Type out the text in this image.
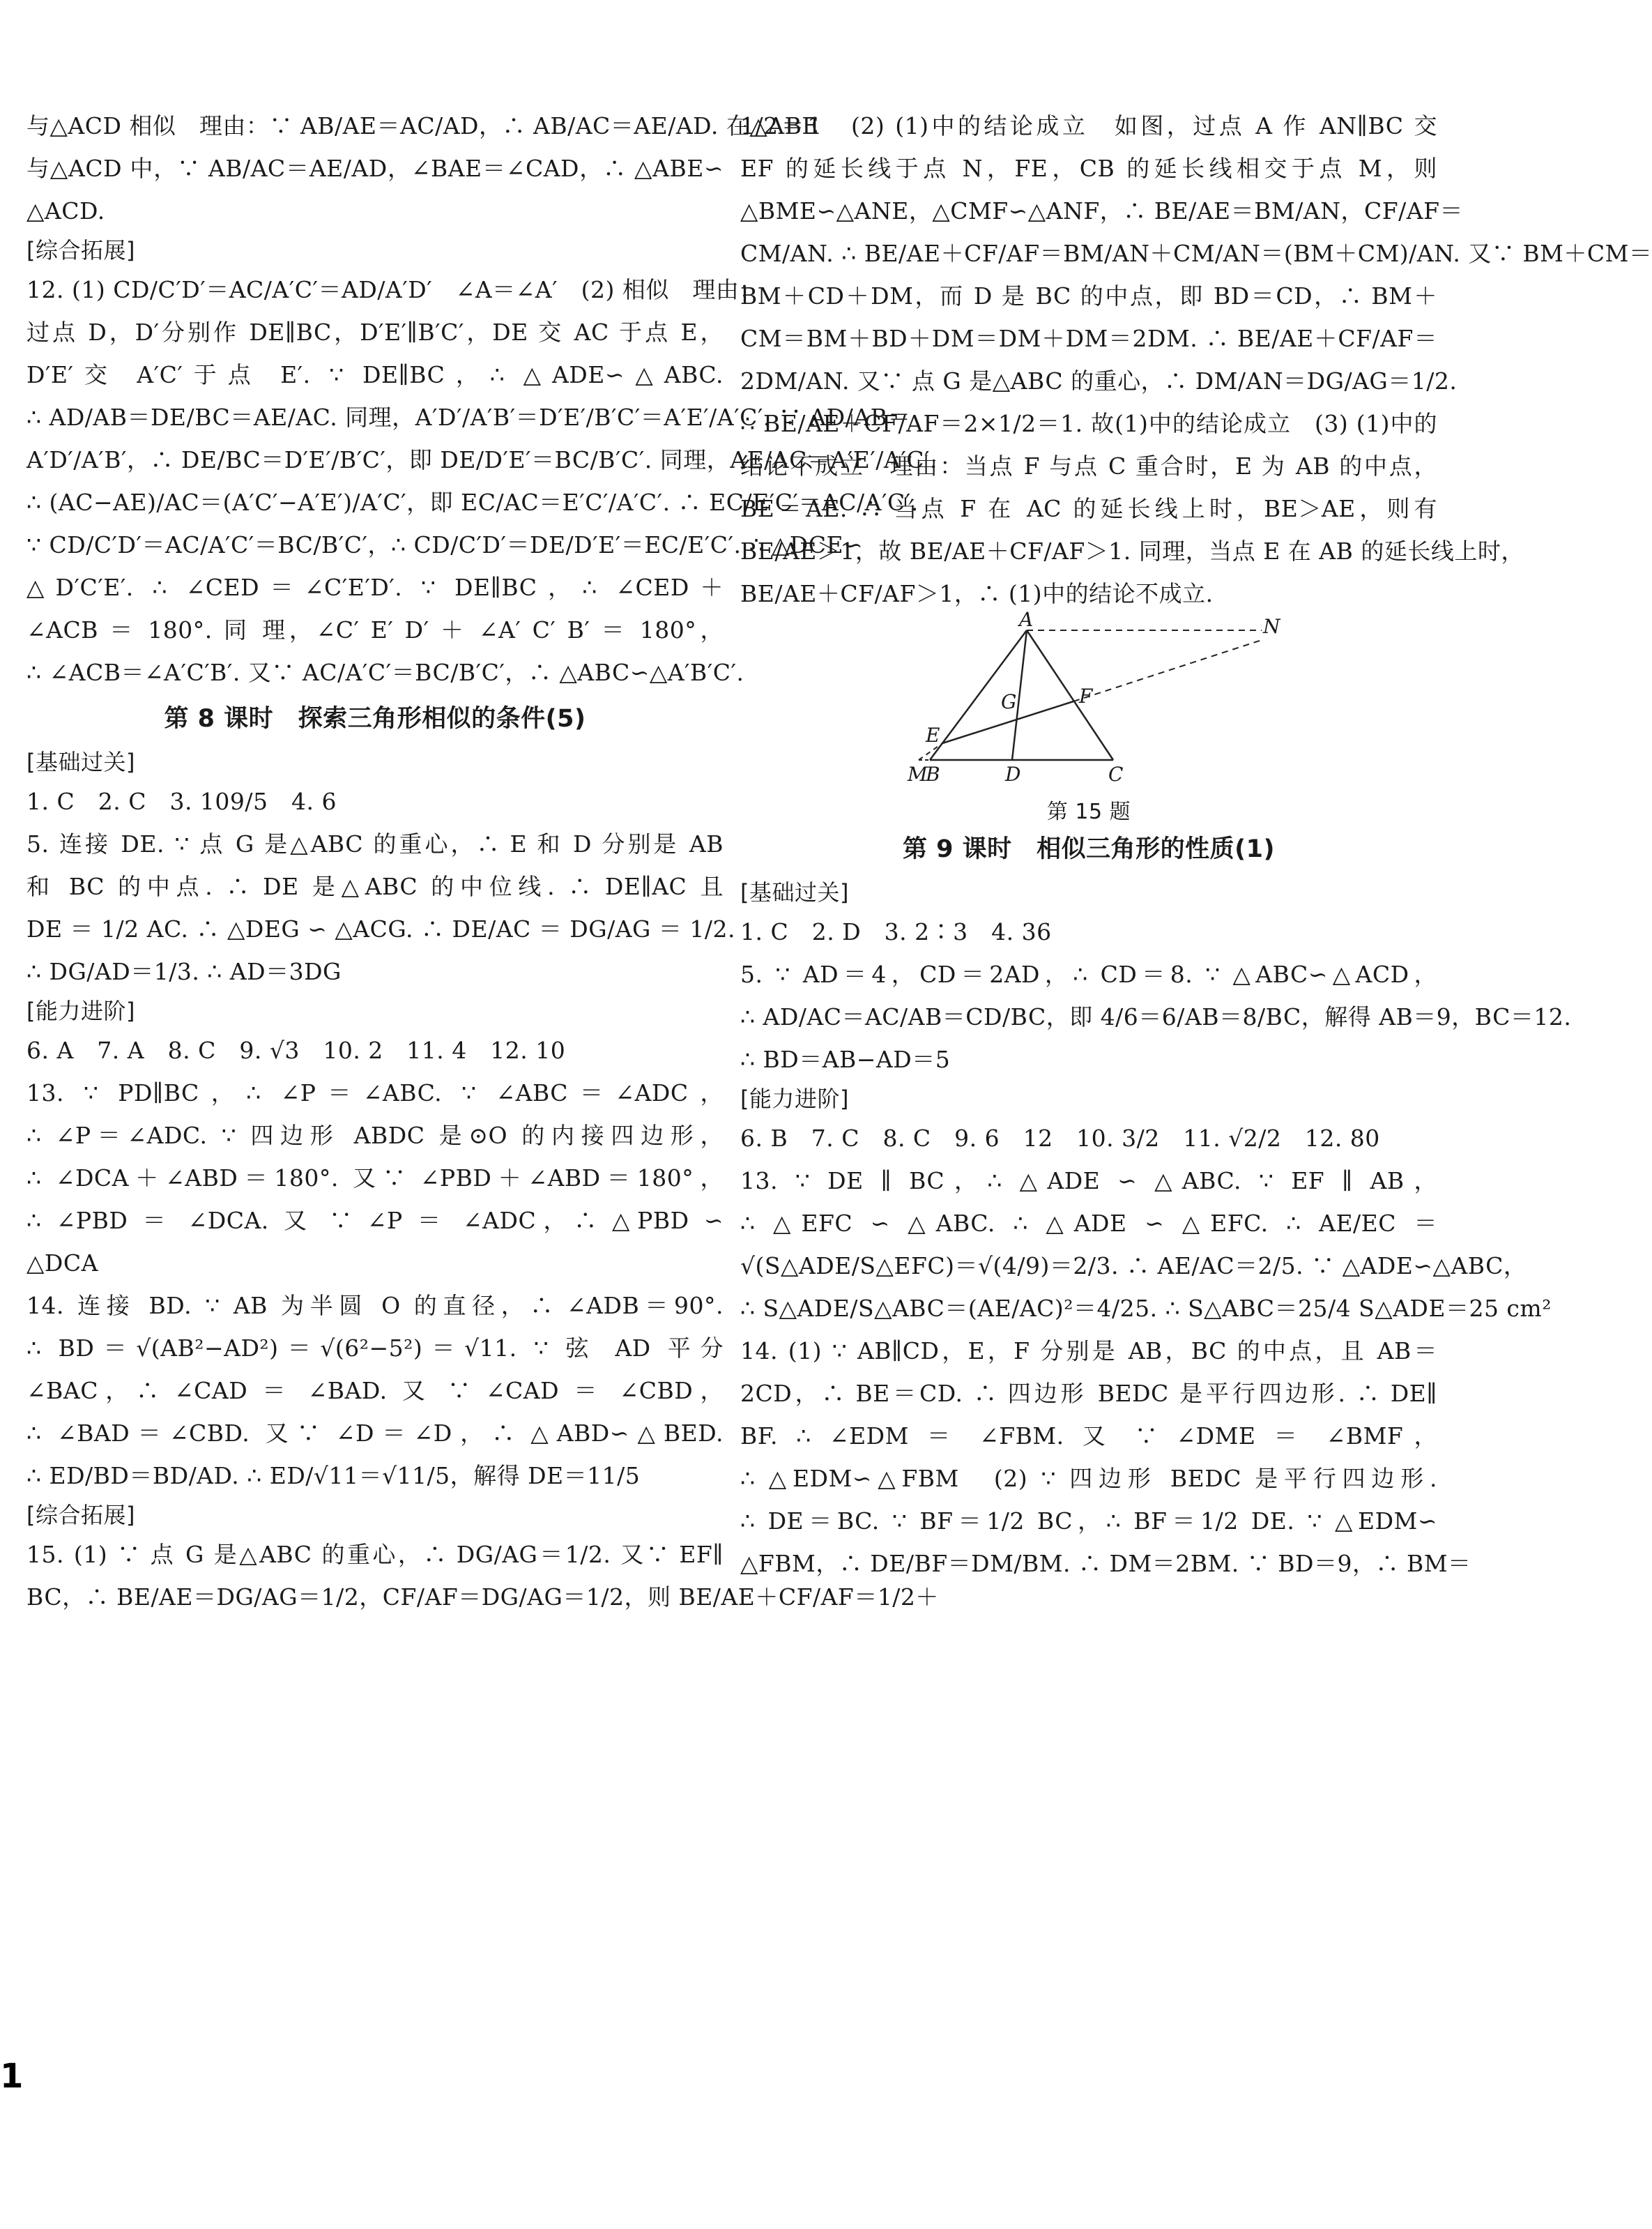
与△ACD 相似　理由：∵ AB/AE＝AC/AD，∴ AB/AC＝AE/AD. 在△ABE
与△ACD 中，∵ AB/AC＝AE/AD，∠BAE＝∠CAD，∴ △ABE∽
△ACD.
[综合拓展]
12. (1) CD/C′D′＝AC/A′C′＝AD/A′D′　∠A＝∠A′　(2) 相似　理由：
过点 D，D′分别作 DE∥BC，D′E′∥B′C′，DE 交 AC 于点 E，
D′E′交 A′C′于点 E′. ∵ DE∥BC，∴ △ADE∽△ABC.
∴ AD/AB＝DE/BC＝AE/AC. 同理，A′D′/A′B′＝D′E′/B′C′＝A′E′/A′C′. ∵ AD/AB＝
A′D′/A′B′，∴ DE/BC＝D′E′/B′C′，即 DE/D′E′＝BC/B′C′. 同理，AE/AC＝A′E′/A′C′.
∴ (AC−AE)/AC＝(A′C′−A′E′)/A′C′，即 EC/AC＝E′C′/A′C′. ∴ EC/E′C′＝AC/A′C′.
∵ CD/C′D′＝AC/A′C′＝BC/B′C′，∴ CD/C′D′＝DE/D′E′＝EC/E′C′. ∴ △DCE∽
△D′C′E′. ∴ ∠CED＝∠C′E′D′. ∵ DE∥BC，∴ ∠CED＋
∠ACB ＝ 180°. 同 理，∠C′ E′ D′ ＋ ∠A′ C′ B′ ＝ 180°，
∴ ∠ACB＝∠A′C′B′. 又∵ AC/A′C′＝BC/B′C′，∴ △ABC∽△A′B′C′.
第 8 课时　探索三角形相似的条件(5)
[基础过关]
1. C　2. C　3. 109/5　4. 6
5. 连接 DE. ∵ 点 G 是△ABC 的重心，∴ E 和 D 分别是 AB
和 BC 的中点. ∴ DE 是△ABC 的中位线. ∴ DE∥AC 且
DE ＝ 1/2 AC. ∴ △DEG ∽ △ACG. ∴ DE/AC ＝ DG/AG ＝ 1/2.
∴ DG/AD＝1/3. ∴ AD＝3DG
[能力进阶]
6. A　7. A　8. C　9. √3　10. 2　11. 4　12. 10
13. ∵ PD∥BC，∴ ∠P＝∠ABC. ∵ ∠ABC＝∠ADC，
∴ ∠P＝∠ADC. ∵ 四边形 ABDC 是⊙O 的内接四边形，
∴ ∠DCA＋∠ABD＝180°. 又∵ ∠PBD＋∠ABD＝180°，
∴ ∠PBD ＝ ∠DCA. 又 ∵ ∠P ＝ ∠ADC，∴ △PBD ∽
△DCA
14. 连接 BD. ∵ AB 为半圆 O 的直径，∴ ∠ADB＝90°.
∴ BD＝√(AB²−AD²)＝√(6²−5²)＝√11. ∵ 弦 AD 平分
∠BAC，∴ ∠CAD ＝ ∠BAD. 又 ∵ ∠CAD ＝ ∠CBD，
∴ ∠BAD＝∠CBD. 又∵ ∠D＝∠D，∴ △ABD∽△BED.
∴ ED/BD＝BD/AD. ∴ ED/√11＝√11/5，解得 DE＝11/5
[综合拓展]
15. (1) ∵ 点 G 是△ABC 的重心，∴ DG/AG＝1/2. 又∵ EF∥
BC，∴ BE/AE＝DG/AG＝1/2，CF/AF＝DG/AG＝1/2，则 BE/AE＋CF/AF＝1/2＋
1/2＝1　(2) (1)中的结论成立　如图，过点 A 作 AN∥BC 交
EF 的延长线于点 N，FE，CB 的延长线相交于点 M，则
△BME∽△ANE，△CMF∽△ANF，∴ BE/AE＝BM/AN，CF/AF＝
CM/AN. ∴ BE/AE＋CF/AF＝BM/AN＋CM/AN＝(BM＋CM)/AN. 又∵ BM＋CM＝
BM＋CD＋DM，而 D 是 BC 的中点，即 BD＝CD，∴ BM＋
CM＝BM＋BD＋DM＝DM＋DM＝2DM. ∴ BE/AE＋CF/AF＝
2DM/AN. 又∵ 点 G 是△ABC 的重心，∴ DM/AN＝DG/AG＝1/2.
∴ BE/AE＋CF/AF＝2×1/2＝1. 故(1)中的结论成立　(3) (1)中的
结论不成立　理由：当点 F 与点 C 重合时，E 为 AB 的中点，
BE＝AE. ∴ 当点 F 在 AC 的延长线上时，BE＞AE，则有
BE/AE＞1，故 BE/AE＋CF/AF＞1. 同理，当点 E 在 AB 的延长线上时，
BE/AE＋CF/AF＞1，∴ (1)中的结论不成立.
A	N
G	F
E
M
B	D	C
第 15 题
第 9 课时　相似三角形的性质(1)
[基础过关]
1. C　2. D　3. 2∶3　4. 36
5. ∵ AD＝4，CD＝2AD，∴ CD＝8. ∵ △ABC∽△ACD，
∴ AD/AC＝AC/AB＝CD/BC，即 4/6＝6/AB＝8/BC，解得 AB＝9，BC＝12.
∴ BD＝AB−AD＝5
[能力进阶]
6. B　7. C　8. C　9. 6　12　10. 3/2　11. √2/2　12. 80
13. ∵ DE ∥ BC，∴ △ADE ∽ △ABC. ∵ EF ∥ AB，
∴ △EFC ∽ △ABC. ∴ △ADE ∽ △EFC. ∴ AE/EC ＝
√(S△ADE/S△EFC)＝√(4/9)＝2/3. ∴ AE/AC＝2/5. ∵ △ADE∽△ABC，
∴ S△ADE/S△ABC＝(AE/AC)²＝4/25. ∴ S△ABC＝25/4 S△ADE＝25 cm²
14. (1) ∵ AB∥CD，E，F 分别是 AB，BC 的中点，且 AB＝
2CD，∴ BE＝CD. ∴ 四边形 BEDC 是平行四边形. ∴ DE∥
BF. ∴ ∠EDM ＝ ∠FBM. 又 ∵ ∠DME ＝ ∠BMF，
∴ △EDM∽△FBM　(2) ∵ 四边形 BEDC 是平行四边形.
∴ DE＝BC. ∵ BF＝1/2 BC，∴ BF＝1/2 DE. ∵ △EDM∽
△FBM，∴ DE/BF＝DM/BM. ∴ DM＝2BM. ∵ BD＝9，∴ BM＝
1
